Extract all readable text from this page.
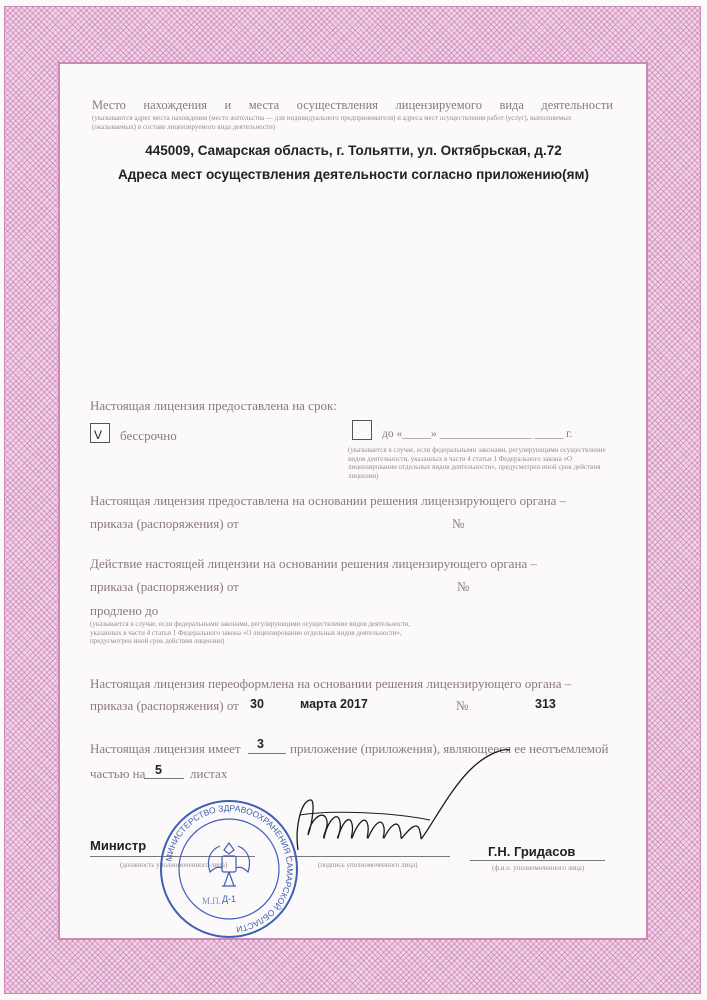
Место нахождения и места осуществления лицензируемого вида деятельности
(указываются адрес места нахождения (место жительства — для индивидуального предпринимателя) и адреса мест осуществления работ (услуг), выполняемых (оказываемых) в составе лицензируемого вида деятельности)
445009, Самарская область, г. Тольятти, ул. Октябрьская, д.72
Адреса мест осуществления деятельности согласно приложению(ям)
Настоящая лицензия предоставлена на срок:
V бессрочно	до «_____» ________________ _____ г.
(указывается в случае, если федеральными законами, регулирующими осуществление видов деятельности, указанных в части 4 статьи 1 Федерального закона «О лицензировании отдельных видов деятельности», предусмотрен иной срок действия лицензии)
Настоящая лицензия предоставлена на основании решения лицензирующего органа –
приказа (распоряжения) от	№
Действие настоящей лицензии на основании решения лицензирующего органа –
приказа (распоряжения) от	№
продлено до
(указывается в случае, если федеральными законами, регулирующими осуществление видов деятельности, указанных в части 4 статьи 1 Федерального закона «О лицензировании отдельных видов деятельности», предусмотрен иной срок действия лицензии)
Настоящая лицензия переоформлена на основании решения лицензирующего органа –
приказа (распоряжения) от 30	марта 2017	№	313
Настоящая лицензия имеет 3 приложение (приложения), являющееся ее неотъемлемой
частью на 5 листах
Министр
(должность уполномоченного лица)	(подпись уполномоченного лица)
Г.Н. Гридасов
(ф.и.о. уполномоченного лица)
МИНИСТЕРСТВО ЗДРАВООХРАНЕНИЯ САМАРСКОЙ ОБЛАСТИ
Д-1
М.П.
